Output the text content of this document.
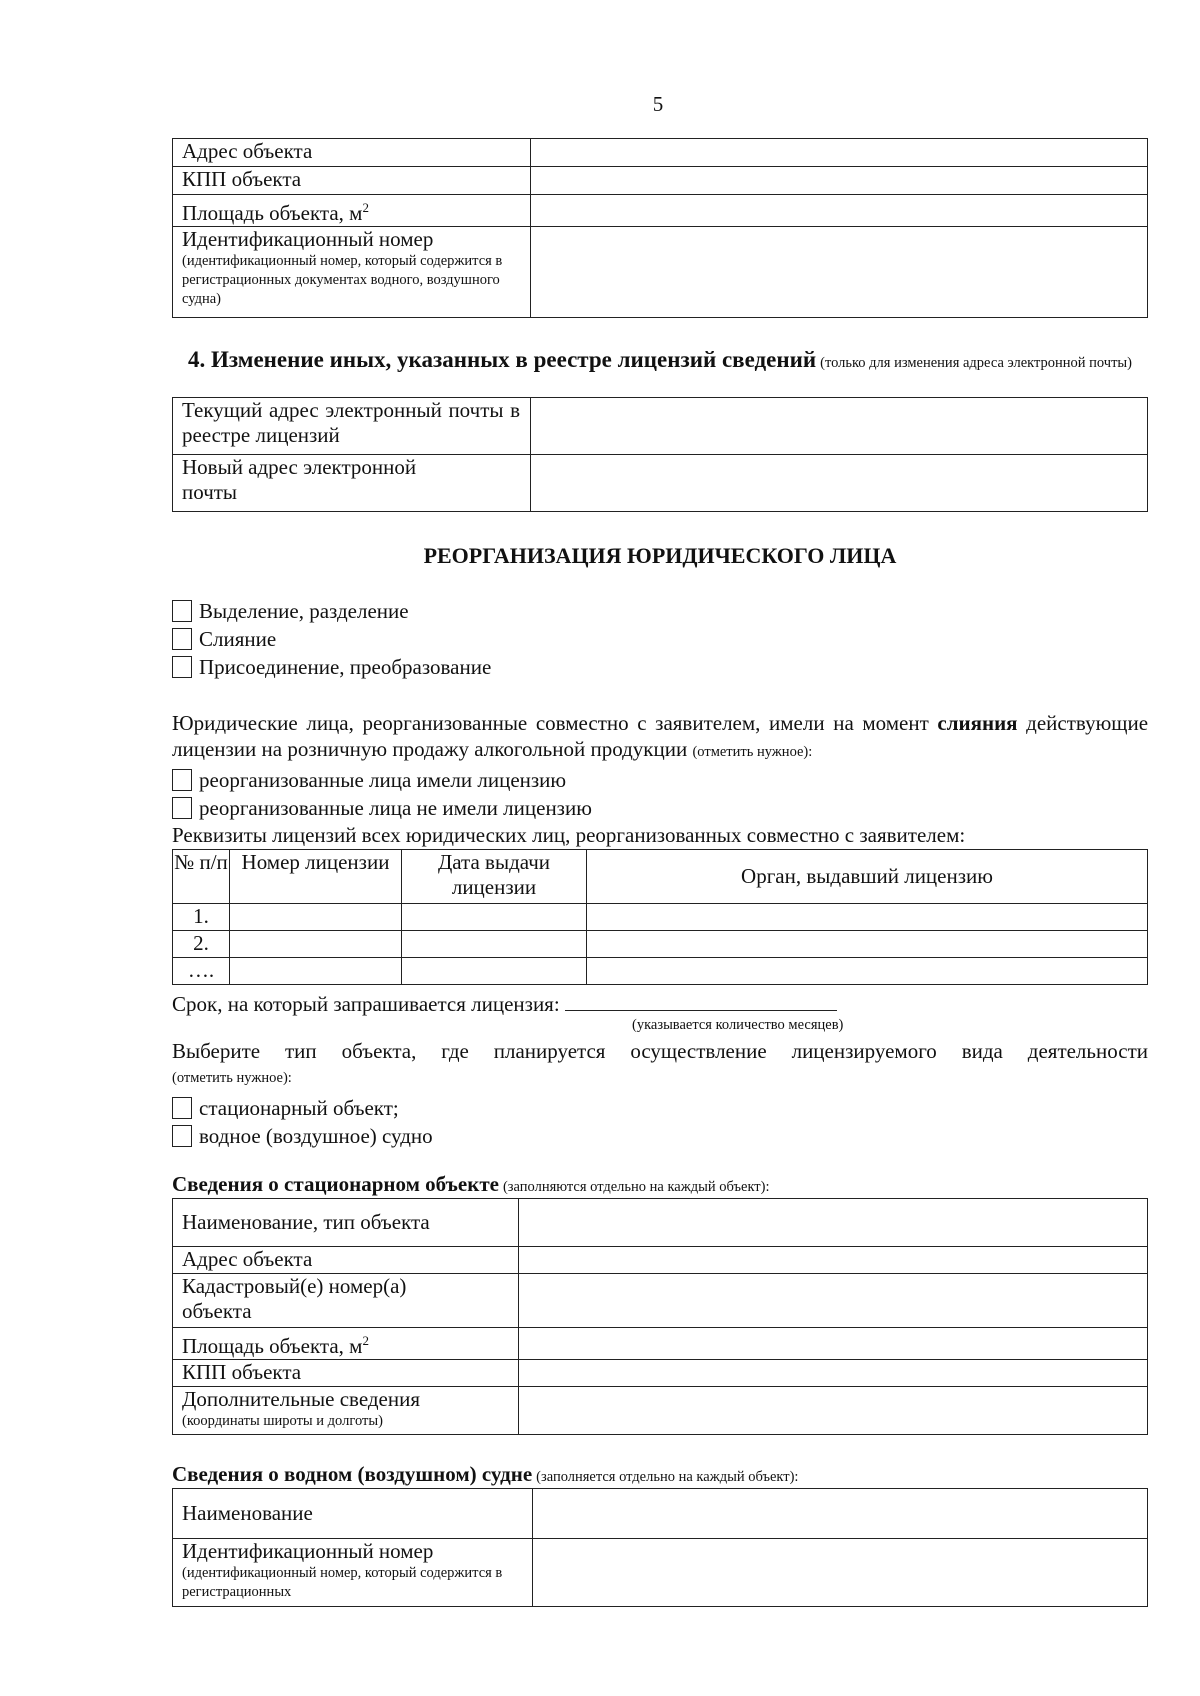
5
Адрес объекта	
КПП объекта	
Площадь объекта, $м^2$	
Идентификационный номер
(идентификационный номер, который содержится в регистрационных документах водного, воздушного судна)	

4. Изменение иных, указанных в реестре лицензий сведений (только для изменения адреса электронной почты)
Текущий адрес электронный почты в реестре лицензий	
Новый адрес электронной почты	
РЕОРГАНИЗАЦИЯ ЮРИДИЧЕСКОГО ЛИЦА
Выделение, разделение
Слияние
Присоединение, преобразование
Юридические лица, реорганизованные совместно с заявителем, имели на момент слияния действующие лицензии на розничную продажу алкогольной продукции (отметить нужное):
реорганизованные лица имели лицензию
реорганизованные лица не имели лицензию
Реквизиты лицензий всех юридических лиц, реорганизованных совместно с заявителем:
№ п/п	Номер лицензии	Дата выдачи лицензии	Орган, выдавший лицензию
1.			
2.			
….			
Срок, на который запрашивается лицензия:
(указывается количество месяцев)
Выберите тип объекта, где планируется осуществление лицензируемого вида деятельности
(отметить нужное):
стационарный объект;
водное (воздушное) судно
Сведения о стационарном объекте (заполняются отдельно на каждый объект):
Наименование, тип объекта	
Адрес объекта	
Кадастровый(е) номер(а) объекта	
Площадь объекта, $м^2$	
КПП объекта	
Дополнительные сведения
(координаты широты и долготы)	

Сведения о водном (воздушном) судне (заполняется отдельно на каждый объект):
Наименование	
Идентификационный номер
(идентификационный номер, который содержится в регистрационных	
